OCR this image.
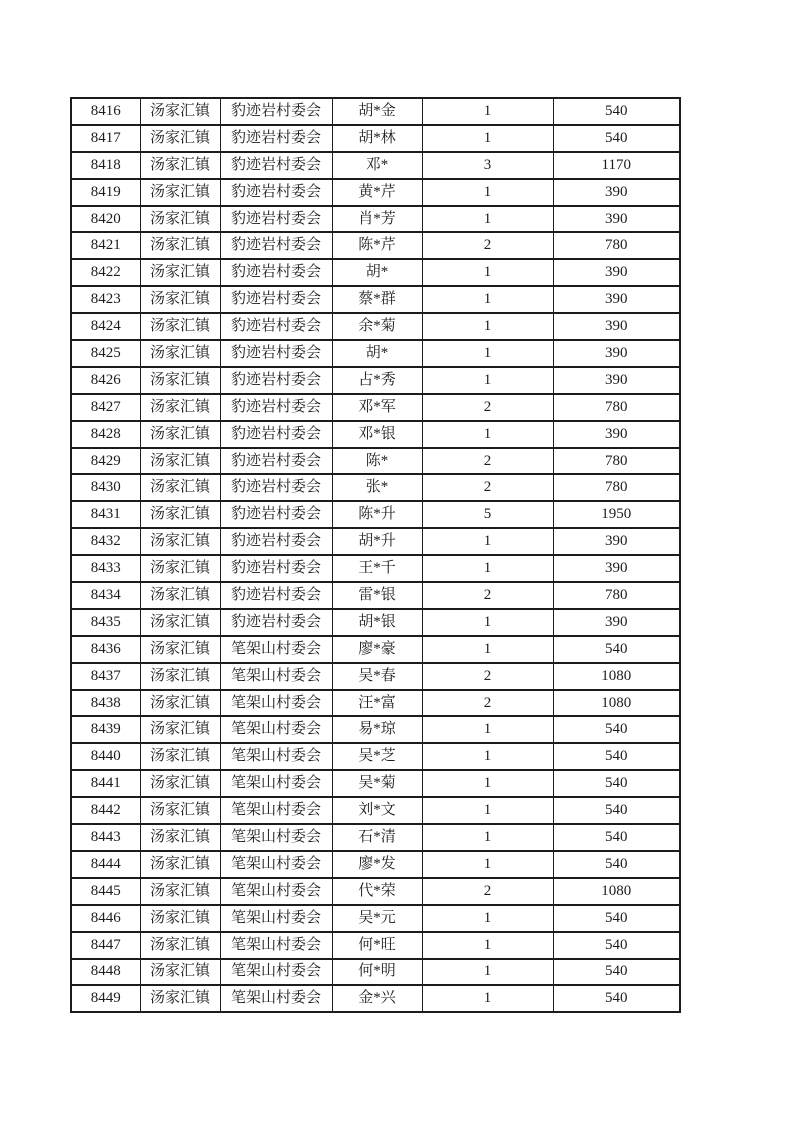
8416	汤家汇镇	豹迹岩村委会	胡*金	1	540
8417	汤家汇镇	豹迹岩村委会	胡*林	1	540
8418	汤家汇镇	豹迹岩村委会	邓*	3	1170
8419	汤家汇镇	豹迹岩村委会	黄*芹	1	390
8420	汤家汇镇	豹迹岩村委会	肖*芳	1	390
8421	汤家汇镇	豹迹岩村委会	陈*芹	2	780
8422	汤家汇镇	豹迹岩村委会	胡*	1	390
8423	汤家汇镇	豹迹岩村委会	蔡*群	1	390
8424	汤家汇镇	豹迹岩村委会	余*菊	1	390
8425	汤家汇镇	豹迹岩村委会	胡*	1	390
8426	汤家汇镇	豹迹岩村委会	占*秀	1	390
8427	汤家汇镇	豹迹岩村委会	邓*军	2	780
8428	汤家汇镇	豹迹岩村委会	邓*银	1	390
8429	汤家汇镇	豹迹岩村委会	陈*	2	780
8430	汤家汇镇	豹迹岩村委会	张*	2	780
8431	汤家汇镇	豹迹岩村委会	陈*升	5	1950
8432	汤家汇镇	豹迹岩村委会	胡*升	1	390
8433	汤家汇镇	豹迹岩村委会	王*千	1	390
8434	汤家汇镇	豹迹岩村委会	雷*银	2	780
8435	汤家汇镇	豹迹岩村委会	胡*银	1	390
8436	汤家汇镇	笔架山村委会	廖*豪	1	540
8437	汤家汇镇	笔架山村委会	吴*春	2	1080
8438	汤家汇镇	笔架山村委会	汪*富	2	1080
8439	汤家汇镇	笔架山村委会	易*琼	1	540
8440	汤家汇镇	笔架山村委会	吴*芝	1	540
8441	汤家汇镇	笔架山村委会	吴*菊	1	540
8442	汤家汇镇	笔架山村委会	刘*文	1	540
8443	汤家汇镇	笔架山村委会	石*清	1	540
8444	汤家汇镇	笔架山村委会	廖*发	1	540
8445	汤家汇镇	笔架山村委会	代*荣	2	1080
8446	汤家汇镇	笔架山村委会	吴*元	1	540
8447	汤家汇镇	笔架山村委会	何*旺	1	540
8448	汤家汇镇	笔架山村委会	何*明	1	540
8449	汤家汇镇	笔架山村委会	金*兴	1	540
